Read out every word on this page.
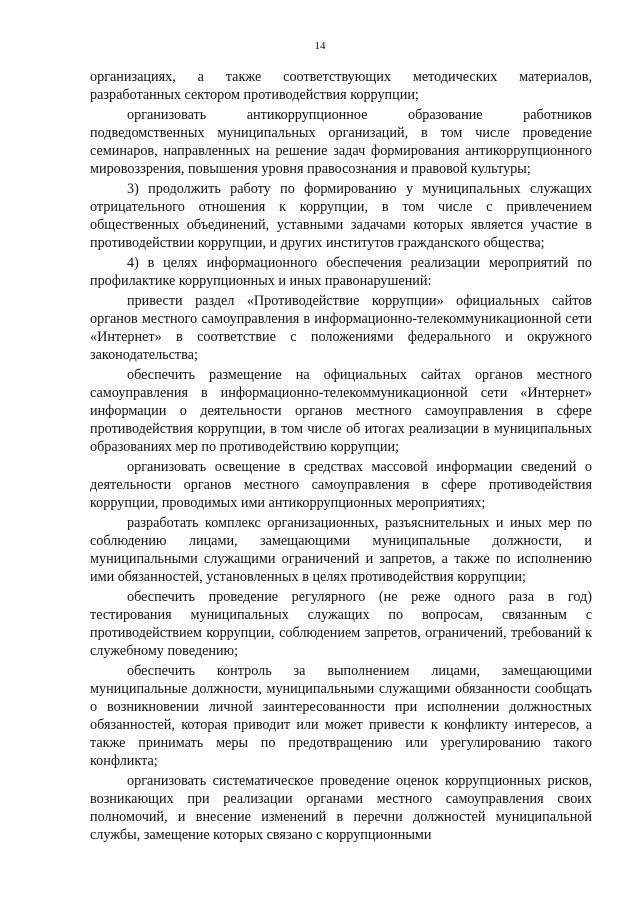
14

организациях, а также соответствующих методических материалов, разработанных сектором противодействия коррупции;

организовать антикоррупционное образование работников подведомственных муниципальных организаций, в том числе проведение семинаров, направленных на решение задач формирования антикоррупционного мировоззрения, повышения уровня правосознания и правовой культуры;

3) продолжить работу по формированию у муниципальных служащих отрицательного отношения к коррупции, в том числе с привлечением общественных объединений, уставными задачами которых является участие в противодействии коррупции, и других институтов гражданского общества;

4) в целях информационного обеспечения реализации мероприятий по профилактике коррупционных и иных правонарушений:

привести раздел «Противодействие коррупции» официальных сайтов органов местного самоуправления в информационно-телекоммуникационной сети «Интернет» в соответствие с положениями федерального и окружного законодательства;

обеспечить размещение на официальных сайтах органов местного самоуправления в информационно-телекоммуникационной сети «Интернет» информации о деятельности органов местного самоуправления в сфере противодействия коррупции, в том числе об итогах реализации в муниципальных образованиях мер по противодействию коррупции;

организовать освещение в средствах массовой информации сведений о деятельности органов местного самоуправления в сфере противодействия коррупции, проводимых ими антикоррупционных мероприятиях;

разработать комплекс организационных, разъяснительных и иных мер по соблюдению лицами, замещающими муниципальные должности, и муниципальными служащими ограничений и запретов, а также по исполнению ими обязанностей, установленных в целях противодействия коррупции;

обеспечить проведение регулярного (не реже одного раза в год) тестирования муниципальных служащих по вопросам, связанным с противодействием коррупции, соблюдением запретов, ограничений, требований к служебному поведению;

обеспечить контроль за выполнением лицами, замещающими муниципальные должности, муниципальными служащими обязанности сообщать о возникновении личной заинтересованности при исполнении должностных обязанностей, которая приводит или может привести к конфликту интересов, а также принимать меры по предотвращению или урегулированию такого конфликта;

организовать систематическое проведение оценок коррупционных рисков, возникающих при реализации органами местного самоуправления своих полномочий, и внесение изменений в перечни должностей муниципальной службы, замещение которых связано с коррупционными
